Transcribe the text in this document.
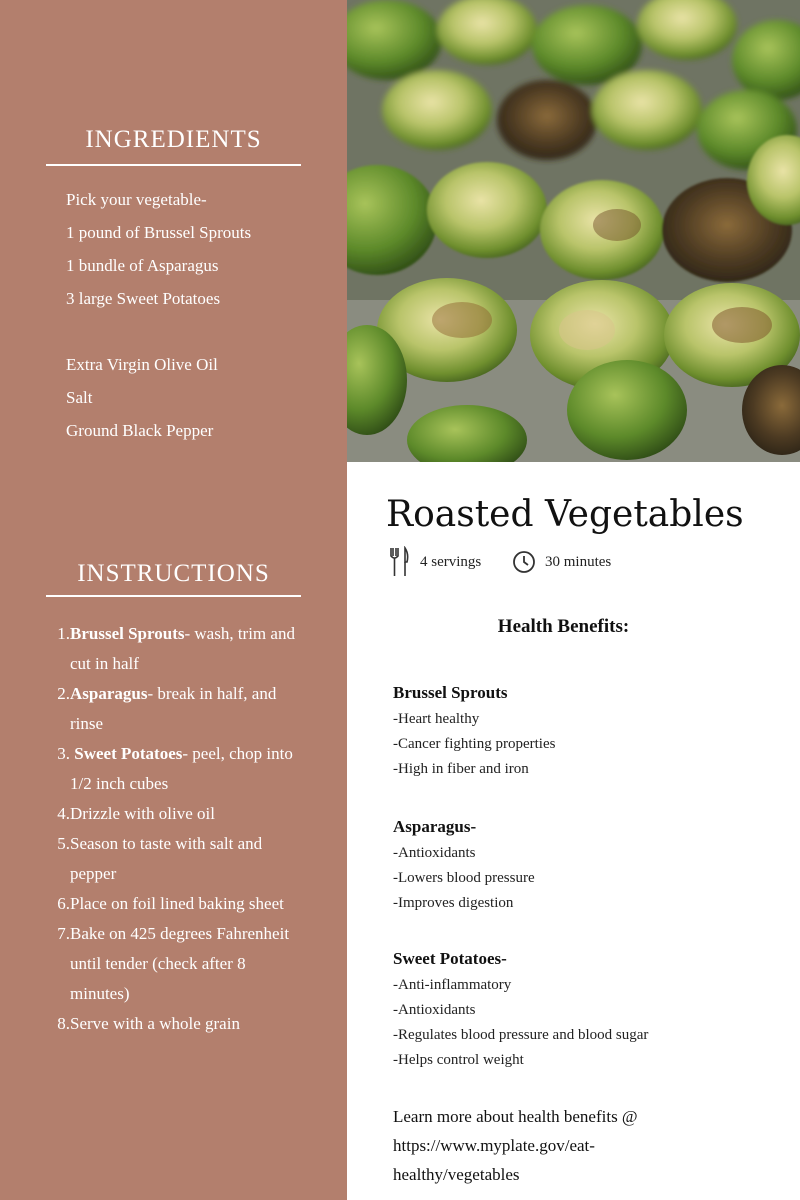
INGREDIENTS
Pick your vegetable-
1 pound of Brussel Sprouts
1 bundle of Asparagus
3 large Sweet Potatoes
Extra Virgin Olive Oil
Salt
Ground Black Pepper
INSTRUCTIONS
1. Brussel Sprouts- wash, trim and cut in half
2. Asparagus- break in half, and rinse
3. Sweet Potatoes- peel, chop into 1/2 inch cubes
4. Drizzle with olive oil
5. Season to taste with salt and pepper
6. Place on foil lined baking sheet
7. Bake on 425 degrees Fahrenheit until tender (check after 8 minutes)
8. Serve with a whole grain
Roasted Vegetables
4 servings	30 minutes
Health Benefits:
Brussel Sprouts
-Heart healthy
-Cancer fighting properties
-High in fiber and iron
Asparagus-
-Antioxidants
-Lowers blood pressure
-Improves digestion
Sweet Potatoes-
-Anti-inflammatory
-Antioxidants
-Regulates blood pressure and blood sugar
-Helps control weight
Learn more about health benefits @ https://www.myplate.gov/eat-healthy/vegetables
